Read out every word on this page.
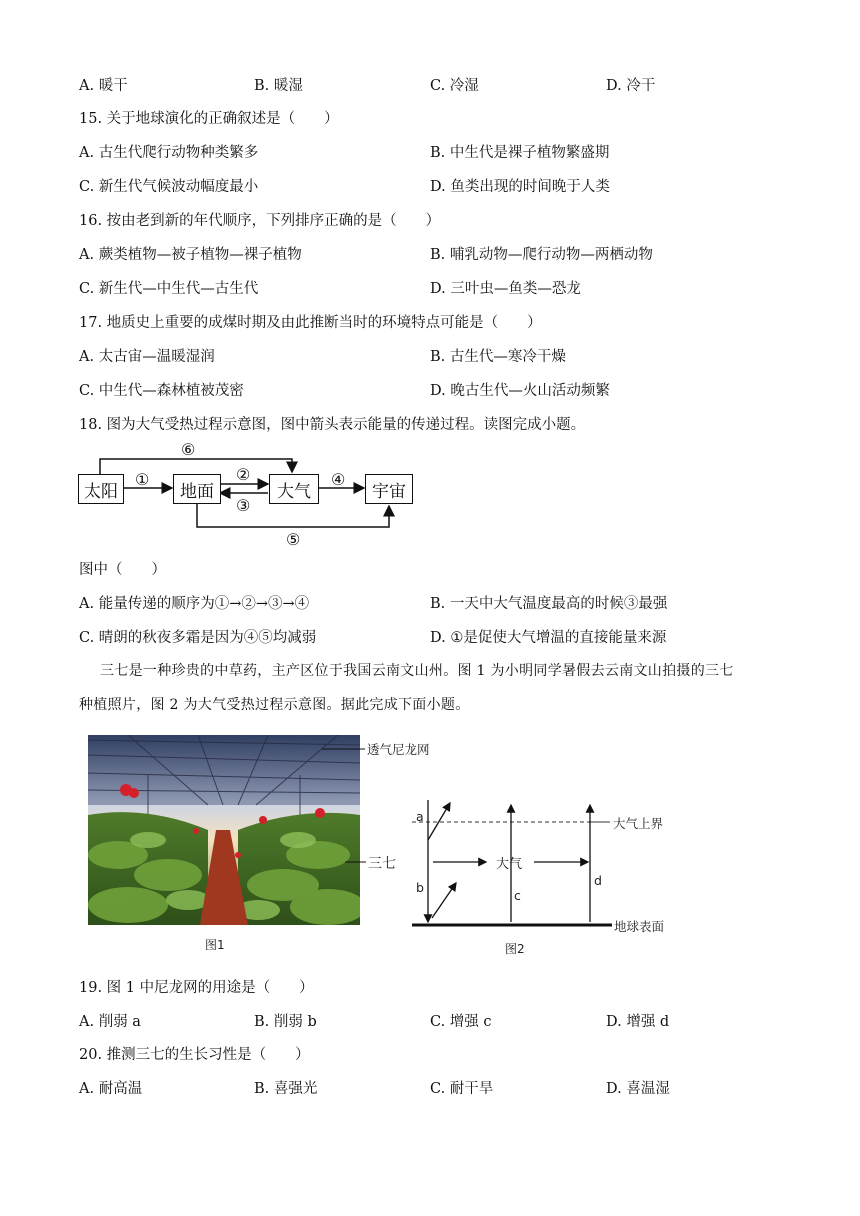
A. 暖干	B. 暖湿	C. 冷湿	D. 冷干
15. 关于地球演化的正确叙述是（　　）
A. 古生代爬行动物种类繁多	B. 中生代是裸子植物繁盛期
C. 新生代气候波动幅度最小	D. 鱼类出现的时间晚于人类
16. 按由老到新的年代顺序，下列排序正确的是（　　）
A. 蕨类植物—被子植物—裸子植物	B. 哺乳动物—爬行动物—两栖动物
C. 新生代—中生代—古生代	D. 三叶虫—鱼类—恐龙
17. 地质史上重要的成煤时期及由此推断当时的环境特点可能是（　　）
A. 太古宙—温暖湿润	B. 古生代—寒冷干燥
C. 中生代—森林植被茂密	D. 晚古生代—火山活动频繁
18. 图为大气受热过程示意图，图中箭头表示能量的传递过程。读图完成小题。
太阳	地面	大气	宇宙
①	②
③
④
⑤
⑥
图中（　　）
A. 能量传递的顺序为①→②→③→④	B. 一天中大气温度最高的时候③最强
C. 晴朗的秋夜多霜是因为④⑤均减弱	D. ①是促使大气增温的直接能量来源
三七是一种珍贵的中草药，主产区位于我国云南文山州。图 1 为小明同学暑假去云南文山拍摄的三七
种植照片，图 2 为大气受热过程示意图。据此完成下面小题。
透气尼龙网
三七
图1
a
b
c
d
大气
大气上界
地球表面
图2
19. 图 1 中尼龙网的用途是（　　）
A. 削弱 a	B. 削弱 b	C. 增强 c	D. 增强 d
20. 推测三七的生长习性是（　　）
A. 耐高温	B. 喜强光	C. 耐干旱	D. 喜温湿
